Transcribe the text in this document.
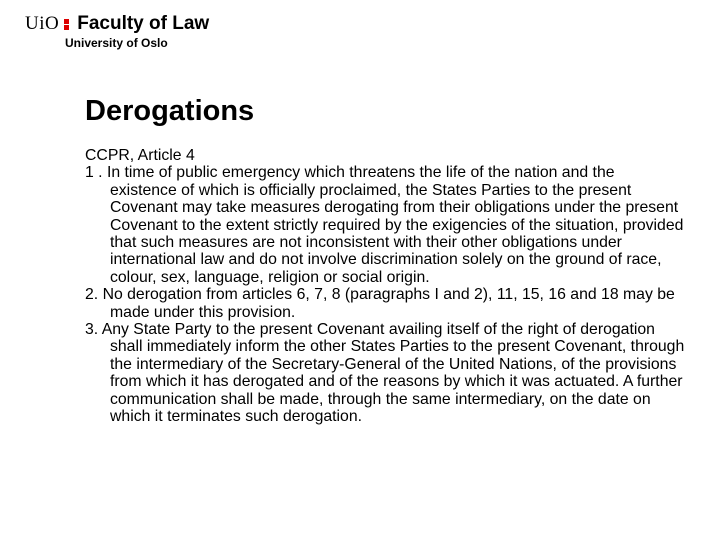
UiO Faculty of Law
University of Oslo
Derogations
CCPR, Article 4
1 . In time of public emergency which threatens the life of the nation and the existence of which is officially proclaimed, the States Parties to the present Covenant may take measures derogating from their obligations under the present Covenant to the extent strictly required by the exigencies of the situation, provided that such measures are not inconsistent with their other obligations under international law and do not involve discrimination solely on the ground of race, colour, sex, language, religion or social origin.
2. No derogation from articles 6, 7, 8 (paragraphs I and 2), 11, 15, 16 and 18 may be made under this provision.
3. Any State Party to the present Covenant availing itself of the right of derogation shall immediately inform the other States Parties to the present Covenant, through the intermediary of the Secretary-General of the United Nations, of the provisions from which it has derogated and of the reasons by which it was actuated. A further communication shall be made, through the same intermediary, on the date on which it terminates such derogation.
